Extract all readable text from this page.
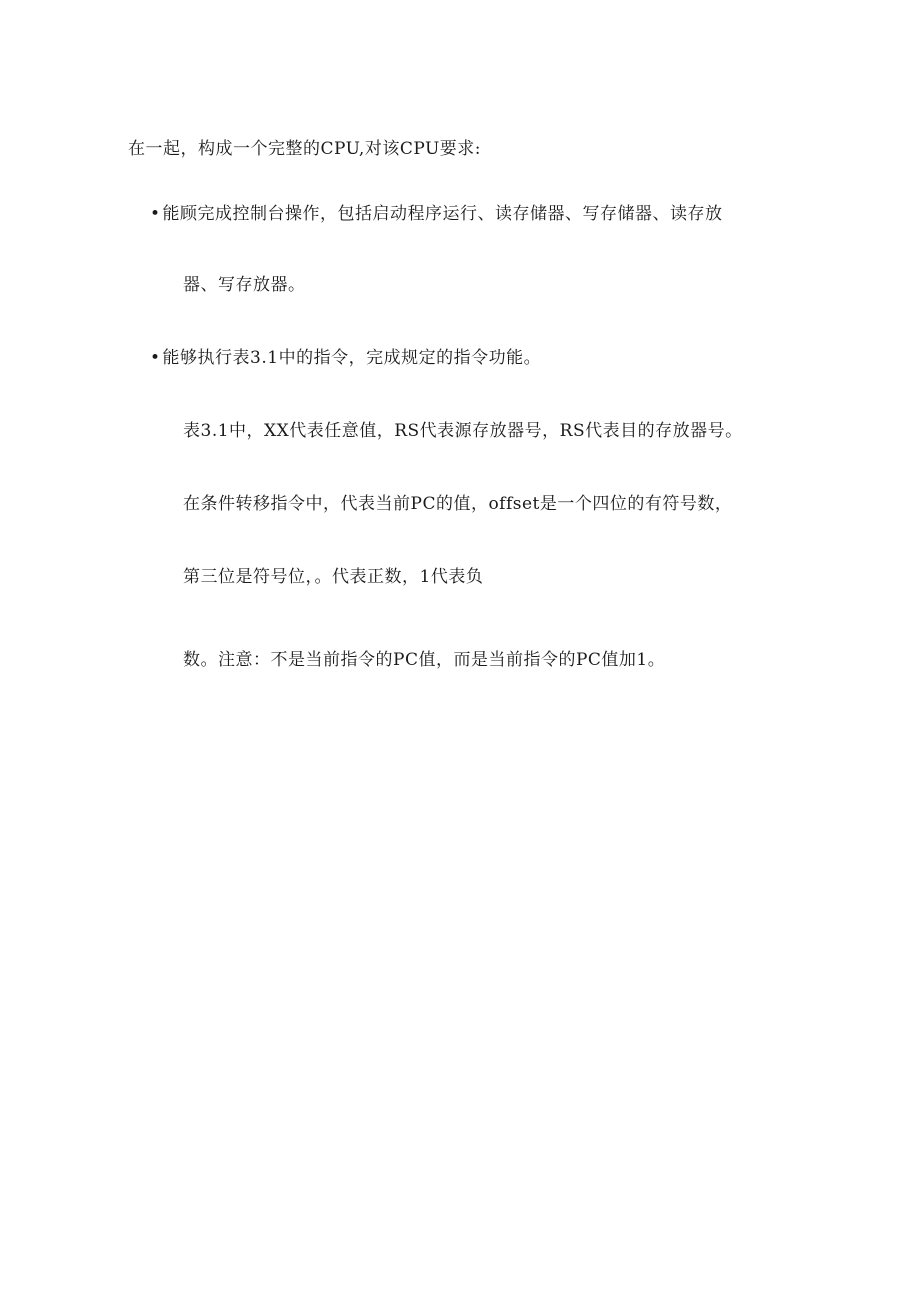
在一起，构成一个完整的CPU,对该CPU要求:
• 能顾完成控制台操作，包括启动程序运行、读存储器、写存储器、读存放
器、写存放器。
• 能够执行表3.1中的指令，完成规定的指令功能。
表3.1中，XX代表任意值，RS代表源存放器号，RS代表目的存放器号。
在条件转移指令中，代表当前PC的值，offset是一个四位的有符号数，
第三位是符号位，。代表正数，1代表负
数。注意：不是当前指令的PC值，而是当前指令的PC值加1。
